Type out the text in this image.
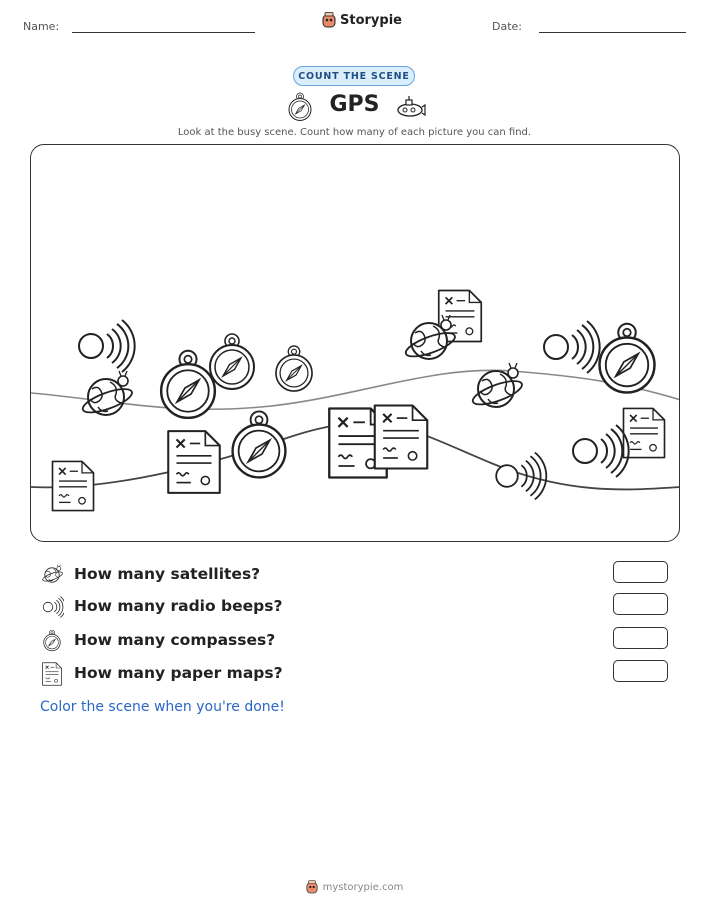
Name:	Storypie	Date:
COUNT THE SCENE
GPS
Look at the busy scene. Count how many of each picture you can find.
How many satellites?
How many radio beeps?
How many compasses?
How many paper maps?
Color the scene when you're done!
mystorypie.com
